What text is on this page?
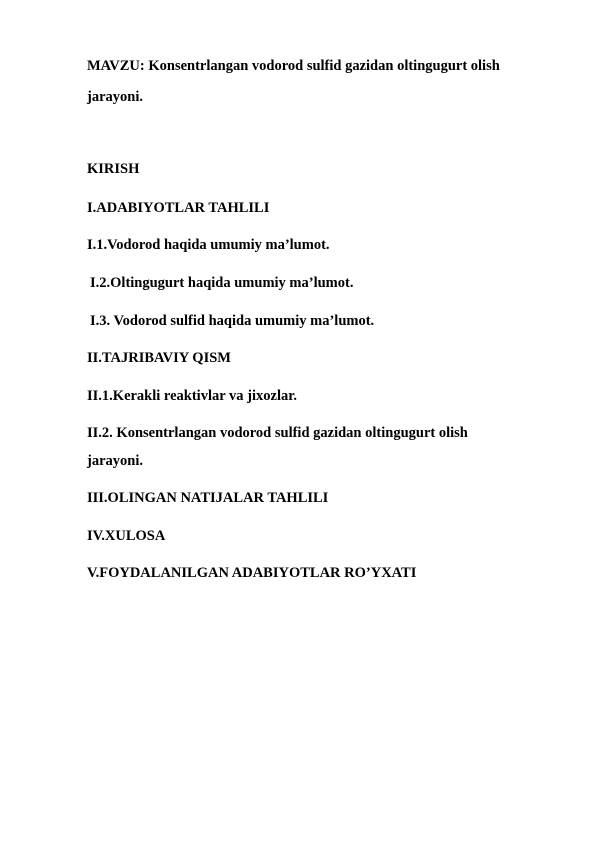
MAVZU: Konsentrlangan vodorod sulfid gazidan oltingugurt olish
jarayoni.
KIRISH
I.ADABIYOTLAR TAHLILI
I.1.Vodorod haqida umumiy ma’lumot.
I.2.Oltingugurt haqida umumiy ma’lumot.
I.3. Vodorod sulfid haqida umumiy ma’lumot.
II.TAJRIBAVIY QISM
II.1.Kerakli reaktivlar va jixozlar.
II.2. Konsentrlangan vodorod sulfid gazidan oltingugurt olish
jarayoni.
III.OLINGAN NATIJALAR TAHLILI
IV.XULOSA
V.FOYDALANILGAN ADABIYOTLAR RO’YXATI
